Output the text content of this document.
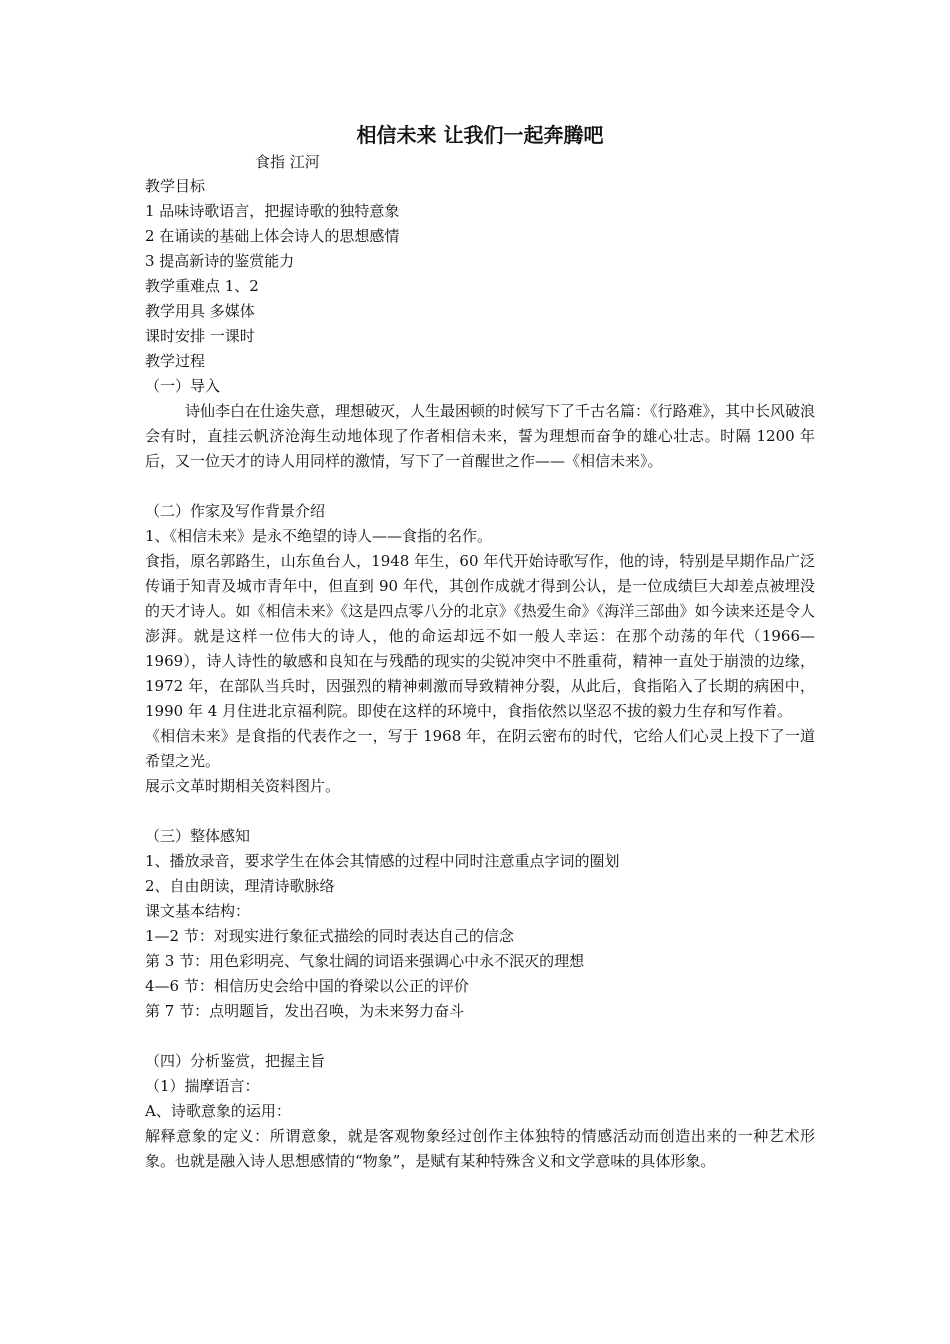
相信未来 让我们一起奔腾吧
食指 江河
教学目标
1 品味诗歌语言，把握诗歌的独特意象
2 在诵读的基础上体会诗人的思想感情
3 提高新诗的鉴赏能力
教学重难点 1、2
教学用具 多媒体
课时安排 一课时
教学过程
（一）导入
诗仙李白在仕途失意，理想破灭，人生最困顿的时候写下了千古名篇：《行路难》，其中长风破浪会有时，直挂云帆济沧海生动地体现了作者相信未来，誓为理想而奋争的雄心壮志。时隔 1200 年后，又一位天才的诗人用同样的激情，写下了一首醒世之作——《相信未来》。
（二）作家及写作背景介绍
1、《相信未来》是永不绝望的诗人——食指的名作。
食指，原名郭路生，山东鱼台人，1948 年生，60 年代开始诗歌写作，他的诗，特别是早期作品广泛传诵于知青及城市青年中，但直到 90 年代，其创作成就才得到公认，是一位成绩巨大却差点被埋没的天才诗人。如《相信未来》《这是四点零八分的北京》《热爱生命》《海洋三部曲》如今读来还是令人澎湃。就是这样一位伟大的诗人，他的命运却远不如一般人幸运：在那个动荡的年代（1966—1969），诗人诗性的敏感和良知在与残酷的现实的尖锐冲突中不胜重荷，精神一直处于崩溃的边缘，1972 年，在部队当兵时，因强烈的精神刺激而导致精神分裂，从此后，食指陷入了长期的病困中，1990 年 4 月住进北京福利院。即使在这样的环境中，食指依然以坚忍不拔的毅力生存和写作着。
《相信未来》是食指的代表作之一，写于 1968 年，在阴云密布的时代，它给人们心灵上投下了一道希望之光。
展示文革时期相关资料图片。
（三）整体感知
1、播放录音，要求学生在体会其情感的过程中同时注意重点字词的圈划
2、自由朗读，理清诗歌脉络
课文基本结构：
1—2 节：对现实进行象征式描绘的同时表达自己的信念
第 3 节：用色彩明亮、气象壮阔的词语来强调心中永不泯灭的理想
4—6 节：相信历史会给中国的脊梁以公正的评价
第 7 节：点明题旨，发出召唤，为未来努力奋斗
（四）分析鉴赏，把握主旨
（1）揣摩语言：
A、诗歌意象的运用：
解释意象的定义：所谓意象，就是客观物象经过创作主体独特的情感活动而创造出来的一种艺术形象。也就是融入诗人思想感情的“物象”，是赋有某种特殊含义和文学意味的具体形象。
